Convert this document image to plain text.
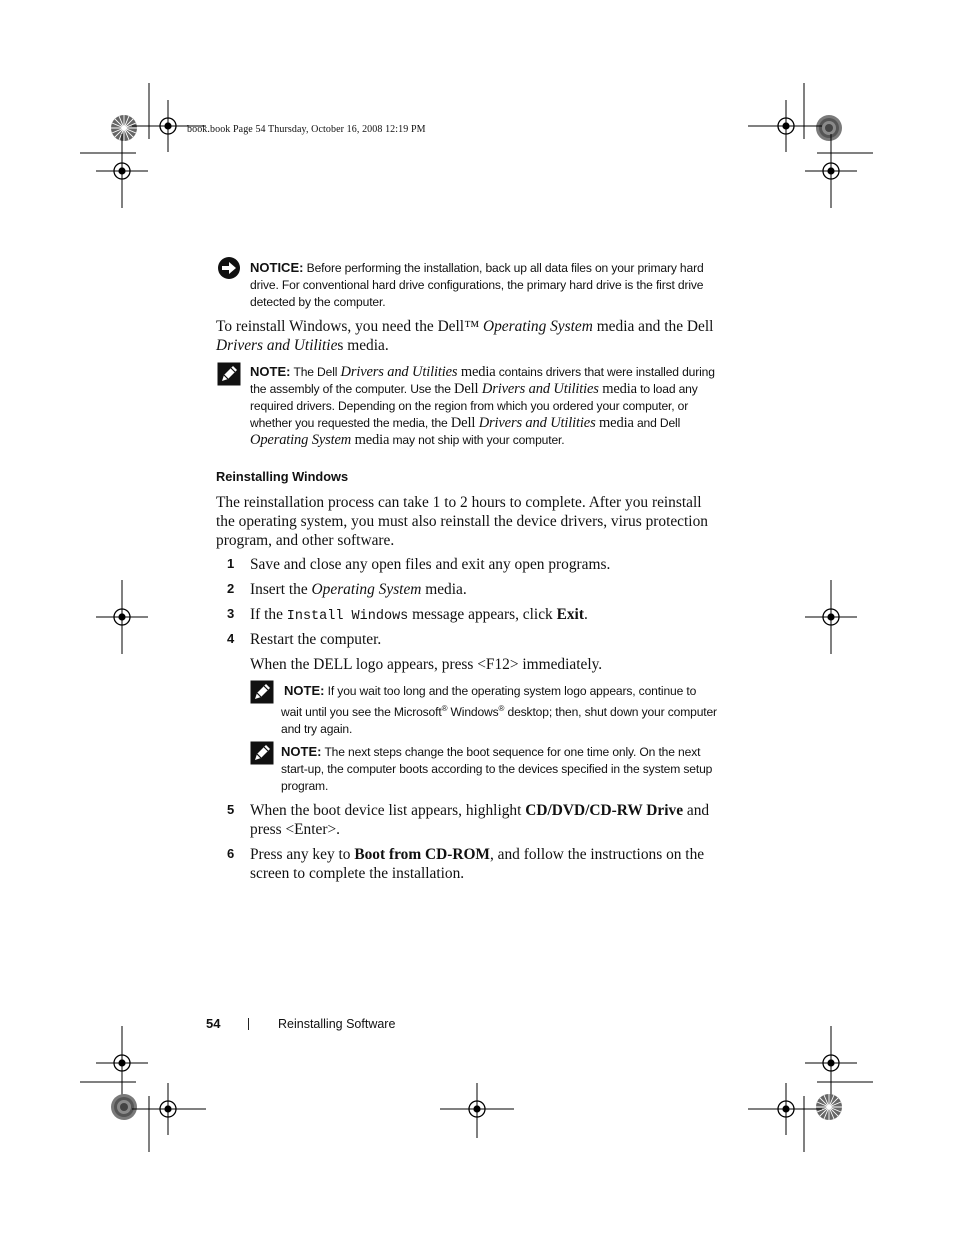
book.book Page 54 Thursday, October 16, 2008 12:19 PM
NOTICE: Before performing the installation, back up all data files on your primary hard drive. For conventional hard drive configurations, the primary hard drive is the first drive detected by the computer.
To reinstall Windows, you need the Dell™ Operating System media and the Dell Drivers and Utilities media.
NOTE: The Dell Drivers and Utilities media contains drivers that were installed during the assembly of the computer. Use the Dell Drivers and Utilities media to load any required drivers. Depending on the region from which you ordered your computer, or whether you requested the media, the Dell Drivers and Utilities media and Dell Operating System media may not ship with your computer.
Reinstalling Windows
The reinstallation process can take 1 to 2 hours to complete. After you reinstall the operating system, you must also reinstall the device drivers, virus protection program, and other software.
1	Save and close any open files and exit any open programs.
2	Insert the Operating System media.
3	If the Install Windows message appears, click Exit.
4	Restart the computer.
When the DELL logo appears, press <F12> immediately.
NOTE: If you wait too long and the operating system logo appears, continue to wait until you see the Microsoft® Windows® desktop; then, shut down your computer and try again.
NOTE: The next steps change the boot sequence for one time only. On the next start-up, the computer boots according to the devices specified in the system setup program.
5	When the boot device list appears, highlight CD/DVD/CD-RW Drive and press <Enter>.
6	Press any key to Boot from CD-ROM, and follow the instructions on the screen to complete the installation.
54	Reinstalling Software
